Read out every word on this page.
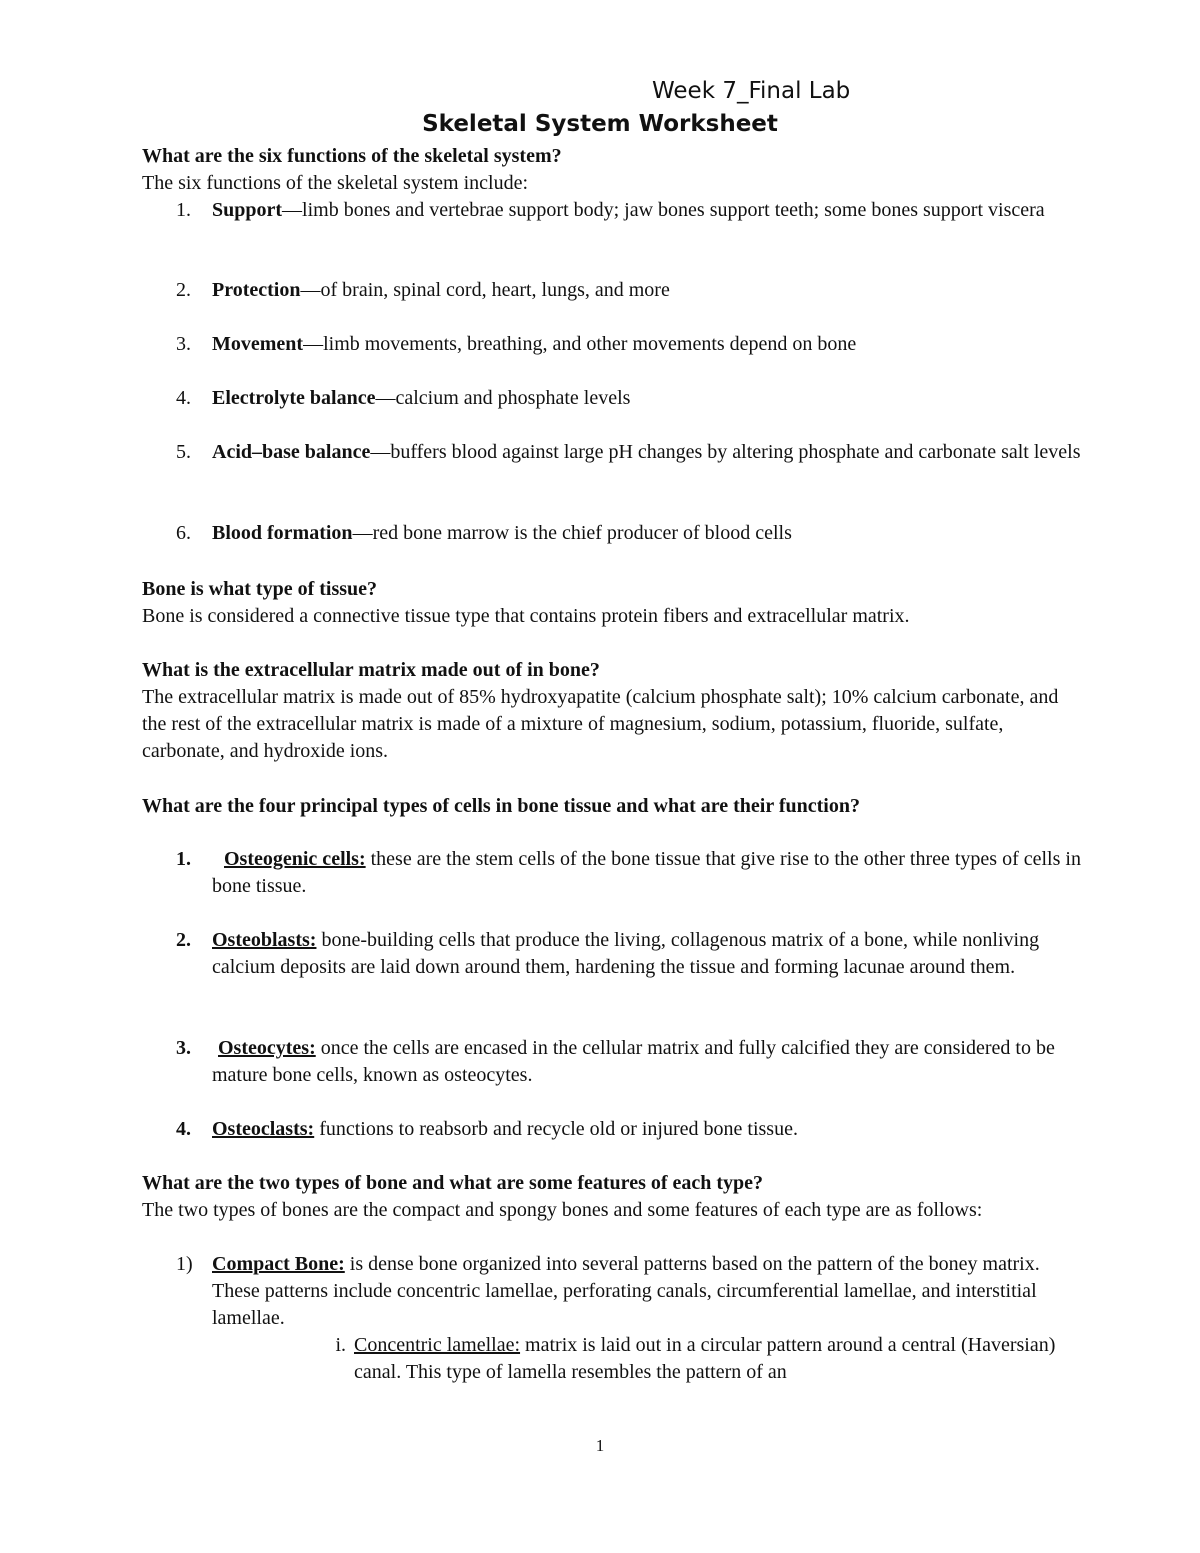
Week 7_Final Lab
Skeletal System Worksheet
What are the six functions of the skeletal system?
The six functions of the skeletal system include:
1.	Support—limb bones and vertebrae support body; jaw bones support teeth; some bones support viscera
2.	Protection—of brain, spinal cord, heart, lungs, and more
3.	Movement—limb movements, breathing, and other movements depend on bone
4.	Electrolyte balance—calcium and phosphate levels
5.	Acid–base balance—buffers blood against large pH changes by altering phosphate and carbonate salt levels
6.	Blood formation—red bone marrow is the chief producer of blood cells
Bone is what type of tissue?
Bone is considered a connective tissue type that contains protein fibers and extracellular matrix.
What is the extracellular matrix made out of in bone?
The extracellular matrix is made out of 85% hydroxyapatite (calcium phosphate salt); 10% calcium carbonate, and the rest of the extracellular matrix is made of a mixture of magnesium, sodium, potassium, fluoride, sulfate, carbonate, and hydroxide ions.
What are the four principal types of cells in bone tissue and what are their function?
1.	Osteogenic cells: these are the stem cells of the bone tissue that give rise to the other three types of cells in bone tissue.
2.	Osteoblasts: bone-building cells that produce the living, collagenous matrix of a bone, while nonliving calcium deposits are laid down around them, hardening the tissue and forming lacunae around them.
3.	Osteocytes: once the cells are encased in the cellular matrix and fully calcified they are considered to be mature bone cells, known as osteocytes.
4.	Osteoclasts: functions to reabsorb and recycle old or injured bone tissue.
What are the two types of bone and what are some features of each type?
The two types of bones are the compact and spongy bones and some features of each type are as follows:
1) Compact Bone: is dense bone organized into several patterns based on the pattern of the boney matrix. These patterns include concentric lamellae, perforating canals, circumferential lamellae, and interstitial lamellae.
i. Concentric lamellae: matrix is laid out in a circular pattern around a central (Haversian) canal. This type of lamella resembles the pattern of an
1
